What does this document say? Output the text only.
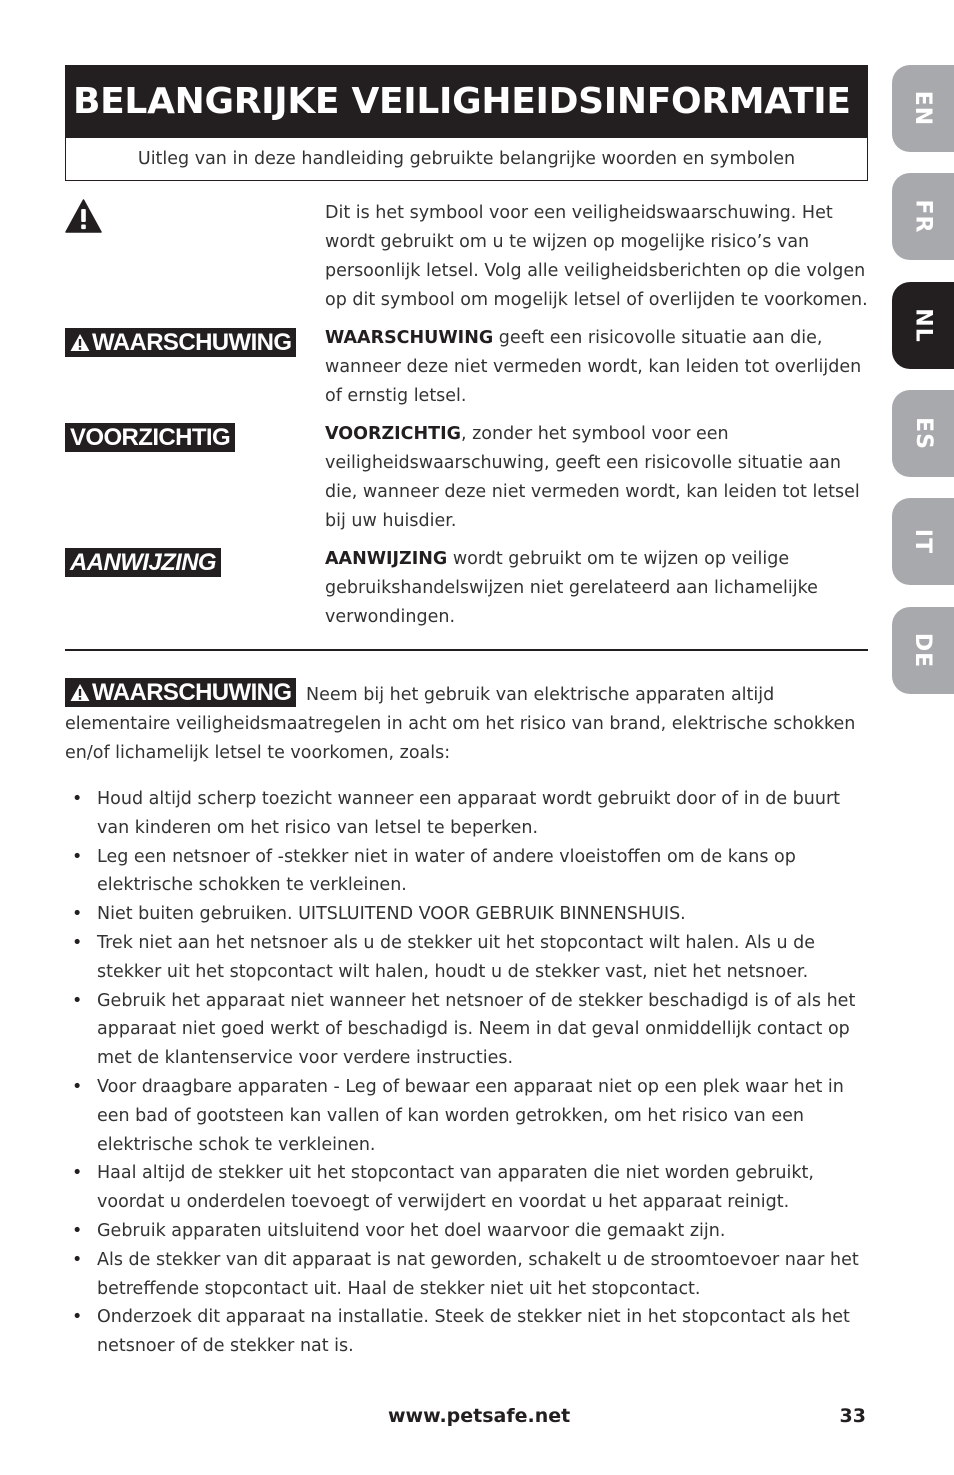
BELANGRIJKE VEILIGHEIDSINFORMATIE
Uitleg van in deze handleiding gebruikte belangrijke woorden en symbolen
Dit is het symbool voor een veiligheidswaarschuwing. Het wordt gebruikt om u te wijzen op mogelijke risico’s van persoonlijk letsel. Volg alle veiligheidsberichten op die volgen op dit symbool om mogelijk letsel of overlijden te voorkomen.
WAARSCHUWING WAARSCHUWING geeft een risicovolle situatie aan die, wanneer deze niet vermeden wordt, kan leiden tot overlijden of ernstig letsel.
VOORZICHTIG	VOORZICHTIG, zonder het symbool voor een veiligheidswaarschuwing, geeft een risicovolle situatie aan die, wanneer deze niet vermeden wordt, kan leiden tot letsel bij uw huisdier.
AANWIJZING	AANWIJZING wordt gebruikt om te wijzen op veilige gebruikshandelswijzen niet gerelateerd aan lichamelijke verwondingen.
WAARSCHUWING Neem bij het gebruik van elektrische apparaten altijd elementaire veiligheidsmaatregelen in acht om het risico van brand, elektrische schokken en/of lichamelijk letsel te voorkomen, zoals:
• Houd altijd scherp toezicht wanneer een apparaat wordt gebruikt door of in de buurt van kinderen om het risico van letsel te beperken.
• Leg een netsnoer of -stekker niet in water of andere vloeistoffen om de kans op elektrische schokken te verkleinen.
• Niet buiten gebruiken. UITSLUITEND VOOR GEBRUIK BINNENSHUIS.
• Trek niet aan het netsnoer als u de stekker uit het stopcontact wilt halen. Als u de stekker uit het stopcontact wilt halen, houdt u de stekker vast, niet het netsnoer.
• Gebruik het apparaat niet wanneer het netsnoer of de stekker beschadigd is of als het apparaat niet goed werkt of beschadigd is. Neem in dat geval onmiddellijk contact op met de klantenservice voor verdere instructies.
• Voor draagbare apparaten - Leg of bewaar een apparaat niet op een plek waar het in een bad of gootsteen kan vallen of kan worden getrokken, om het risico van een elektrische schok te verkleinen.
• Haal altijd de stekker uit het stopcontact van apparaten die niet worden gebruikt, voordat u onderdelen toevoegt of verwijdert en voordat u het apparaat reinigt.
• Gebruik apparaten uitsluitend voor het doel waarvoor die gemaakt zijn.
• Als de stekker van dit apparaat is nat geworden, schakelt u de stroomtoevoer naar het betreffende stopcontact uit. Haal de stekker niet uit het stopcontact.
• Onderzoek dit apparaat na installatie. Steek de stekker niet in het stopcontact als het netsnoer of de stekker nat is.
www.petsafe.net	33
EN
FR
NL
ES
IT
DE
